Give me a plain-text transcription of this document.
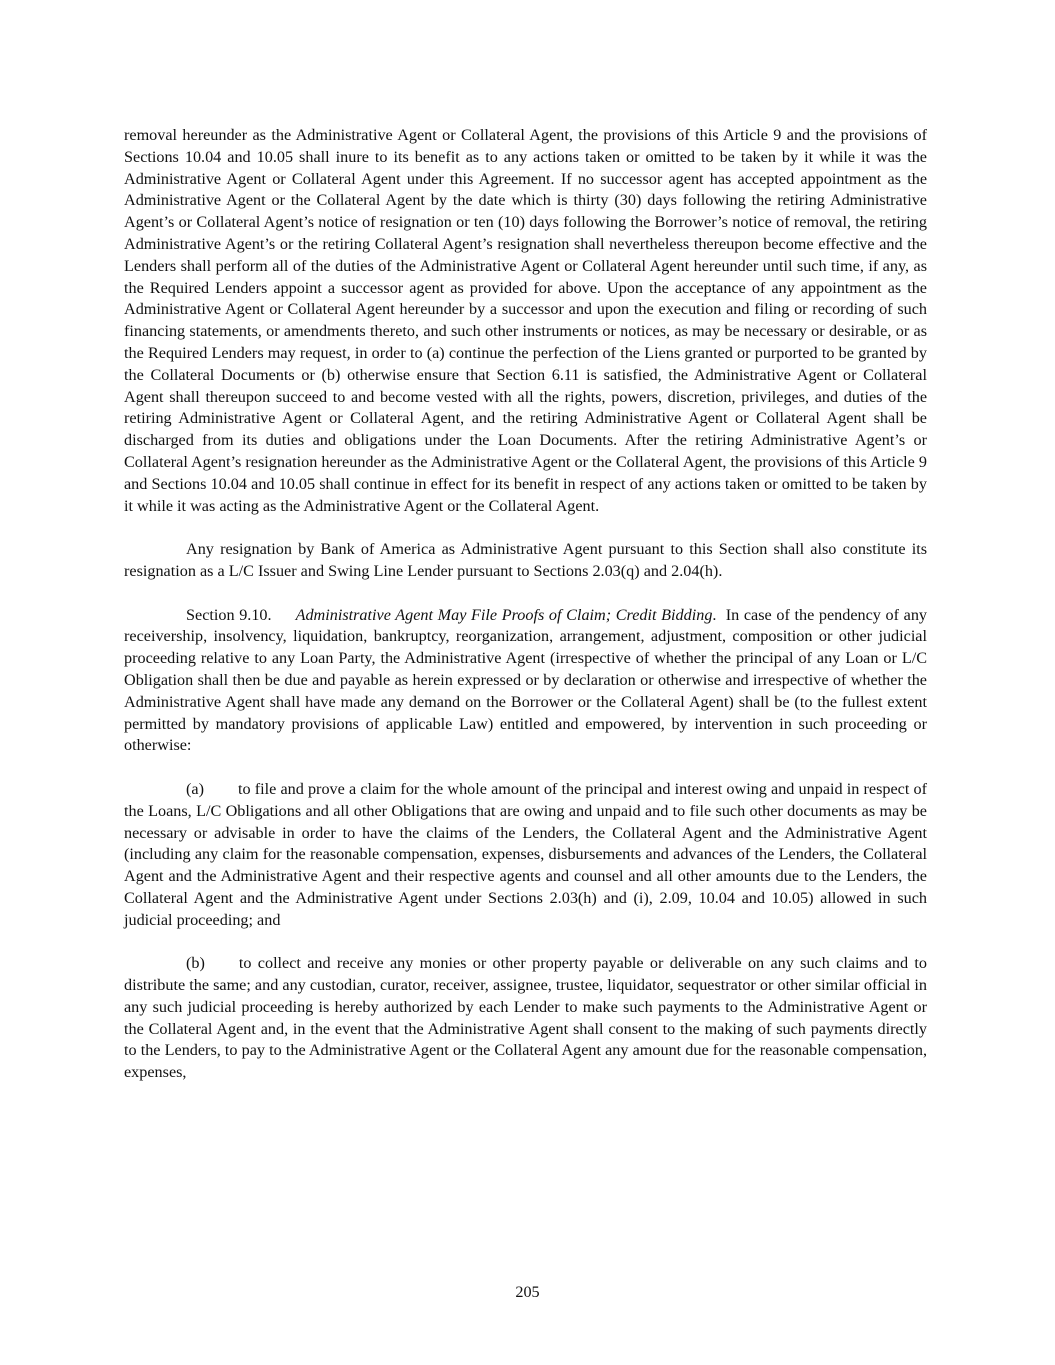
removal hereunder as the Administrative Agent or Collateral Agent, the provisions of this Article 9 and the provisions of Sections 10.04 and 10.05 shall inure to its benefit as to any actions taken or omitted to be taken by it while it was the Administrative Agent or Collateral Agent under this Agreement. If no successor agent has accepted appointment as the Administrative Agent or the Collateral Agent by the date which is thirty (30) days following the retiring Administrative Agent’s or Collateral Agent’s notice of resignation or ten (10) days following the Borrower’s notice of removal, the retiring Administrative Agent’s or the retiring Collateral Agent’s resignation shall nevertheless thereupon become effective and the Lenders shall perform all of the duties of the Administrative Agent or Collateral Agent hereunder until such time, if any, as the Required Lenders appoint a successor agent as provided for above. Upon the acceptance of any appointment as the Administrative Agent or Collateral Agent hereunder by a successor and upon the execution and filing or recording of such financing statements, or amendments thereto, and such other instruments or notices, as may be necessary or desirable, or as the Required Lenders may request, in order to (a) continue the perfection of the Liens granted or purported to be granted by the Collateral Documents or (b) otherwise ensure that Section 6.11 is satisfied, the Administrative Agent or Collateral Agent shall thereupon succeed to and become vested with all the rights, powers, discretion, privileges, and duties of the retiring Administrative Agent or Collateral Agent, and the retiring Administrative Agent or Collateral Agent shall be discharged from its duties and obligations under the Loan Documents. After the retiring Administrative Agent’s or Collateral Agent’s resignation hereunder as the Administrative Agent or the Collateral Agent, the provisions of this Article 9 and Sections 10.04 and 10.05 shall continue in effect for its benefit in respect of any actions taken or omitted to be taken by it while it was acting as the Administrative Agent or the Collateral Agent.

Any resignation by Bank of America as Administrative Agent pursuant to this Section shall also constitute its resignation as a L/C Issuer and Swing Line Lender pursuant to Sections 2.03(q) and 2.04(h).

Section 9.10. Administrative Agent May File Proofs of Claim; Credit Bidding. In case of the pendency of any receivership, insolvency, liquidation, bankruptcy, reorganization, arrangement, adjustment, composition or other judicial proceeding relative to any Loan Party, the Administrative Agent (irrespective of whether the principal of any Loan or L/C Obligation shall then be due and payable as herein expressed or by declaration or otherwise and irrespective of whether the Administrative Agent shall have made any demand on the Borrower or the Collateral Agent) shall be (to the fullest extent permitted by mandatory provisions of applicable Law) entitled and empowered, by intervention in such proceeding or otherwise:

(a) to file and prove a claim for the whole amount of the principal and interest owing and unpaid in respect of the Loans, L/C Obligations and all other Obligations that are owing and unpaid and to file such other documents as may be necessary or advisable in order to have the claims of the Lenders, the Collateral Agent and the Administrative Agent (including any claim for the reasonable compensation, expenses, disbursements and advances of the Lenders, the Collateral Agent and the Administrative Agent and their respective agents and counsel and all other amounts due to the Lenders, the Collateral Agent and the Administrative Agent under Sections 2.03(h) and (i), 2.09, 10.04 and 10.05) allowed in such judicial proceeding; and

(b) to collect and receive any monies or other property payable or deliverable on any such claims and to distribute the same; and any custodian, curator, receiver, assignee, trustee, liquidator, sequestrator or other similar official in any such judicial proceeding is hereby authorized by each Lender to make such payments to the Administrative Agent or the Collateral Agent and, in the event that the Administrative Agent shall consent to the making of such payments directly to the Lenders, to pay to the Administrative Agent or the Collateral Agent any amount due for the reasonable compensation, expenses,

205
